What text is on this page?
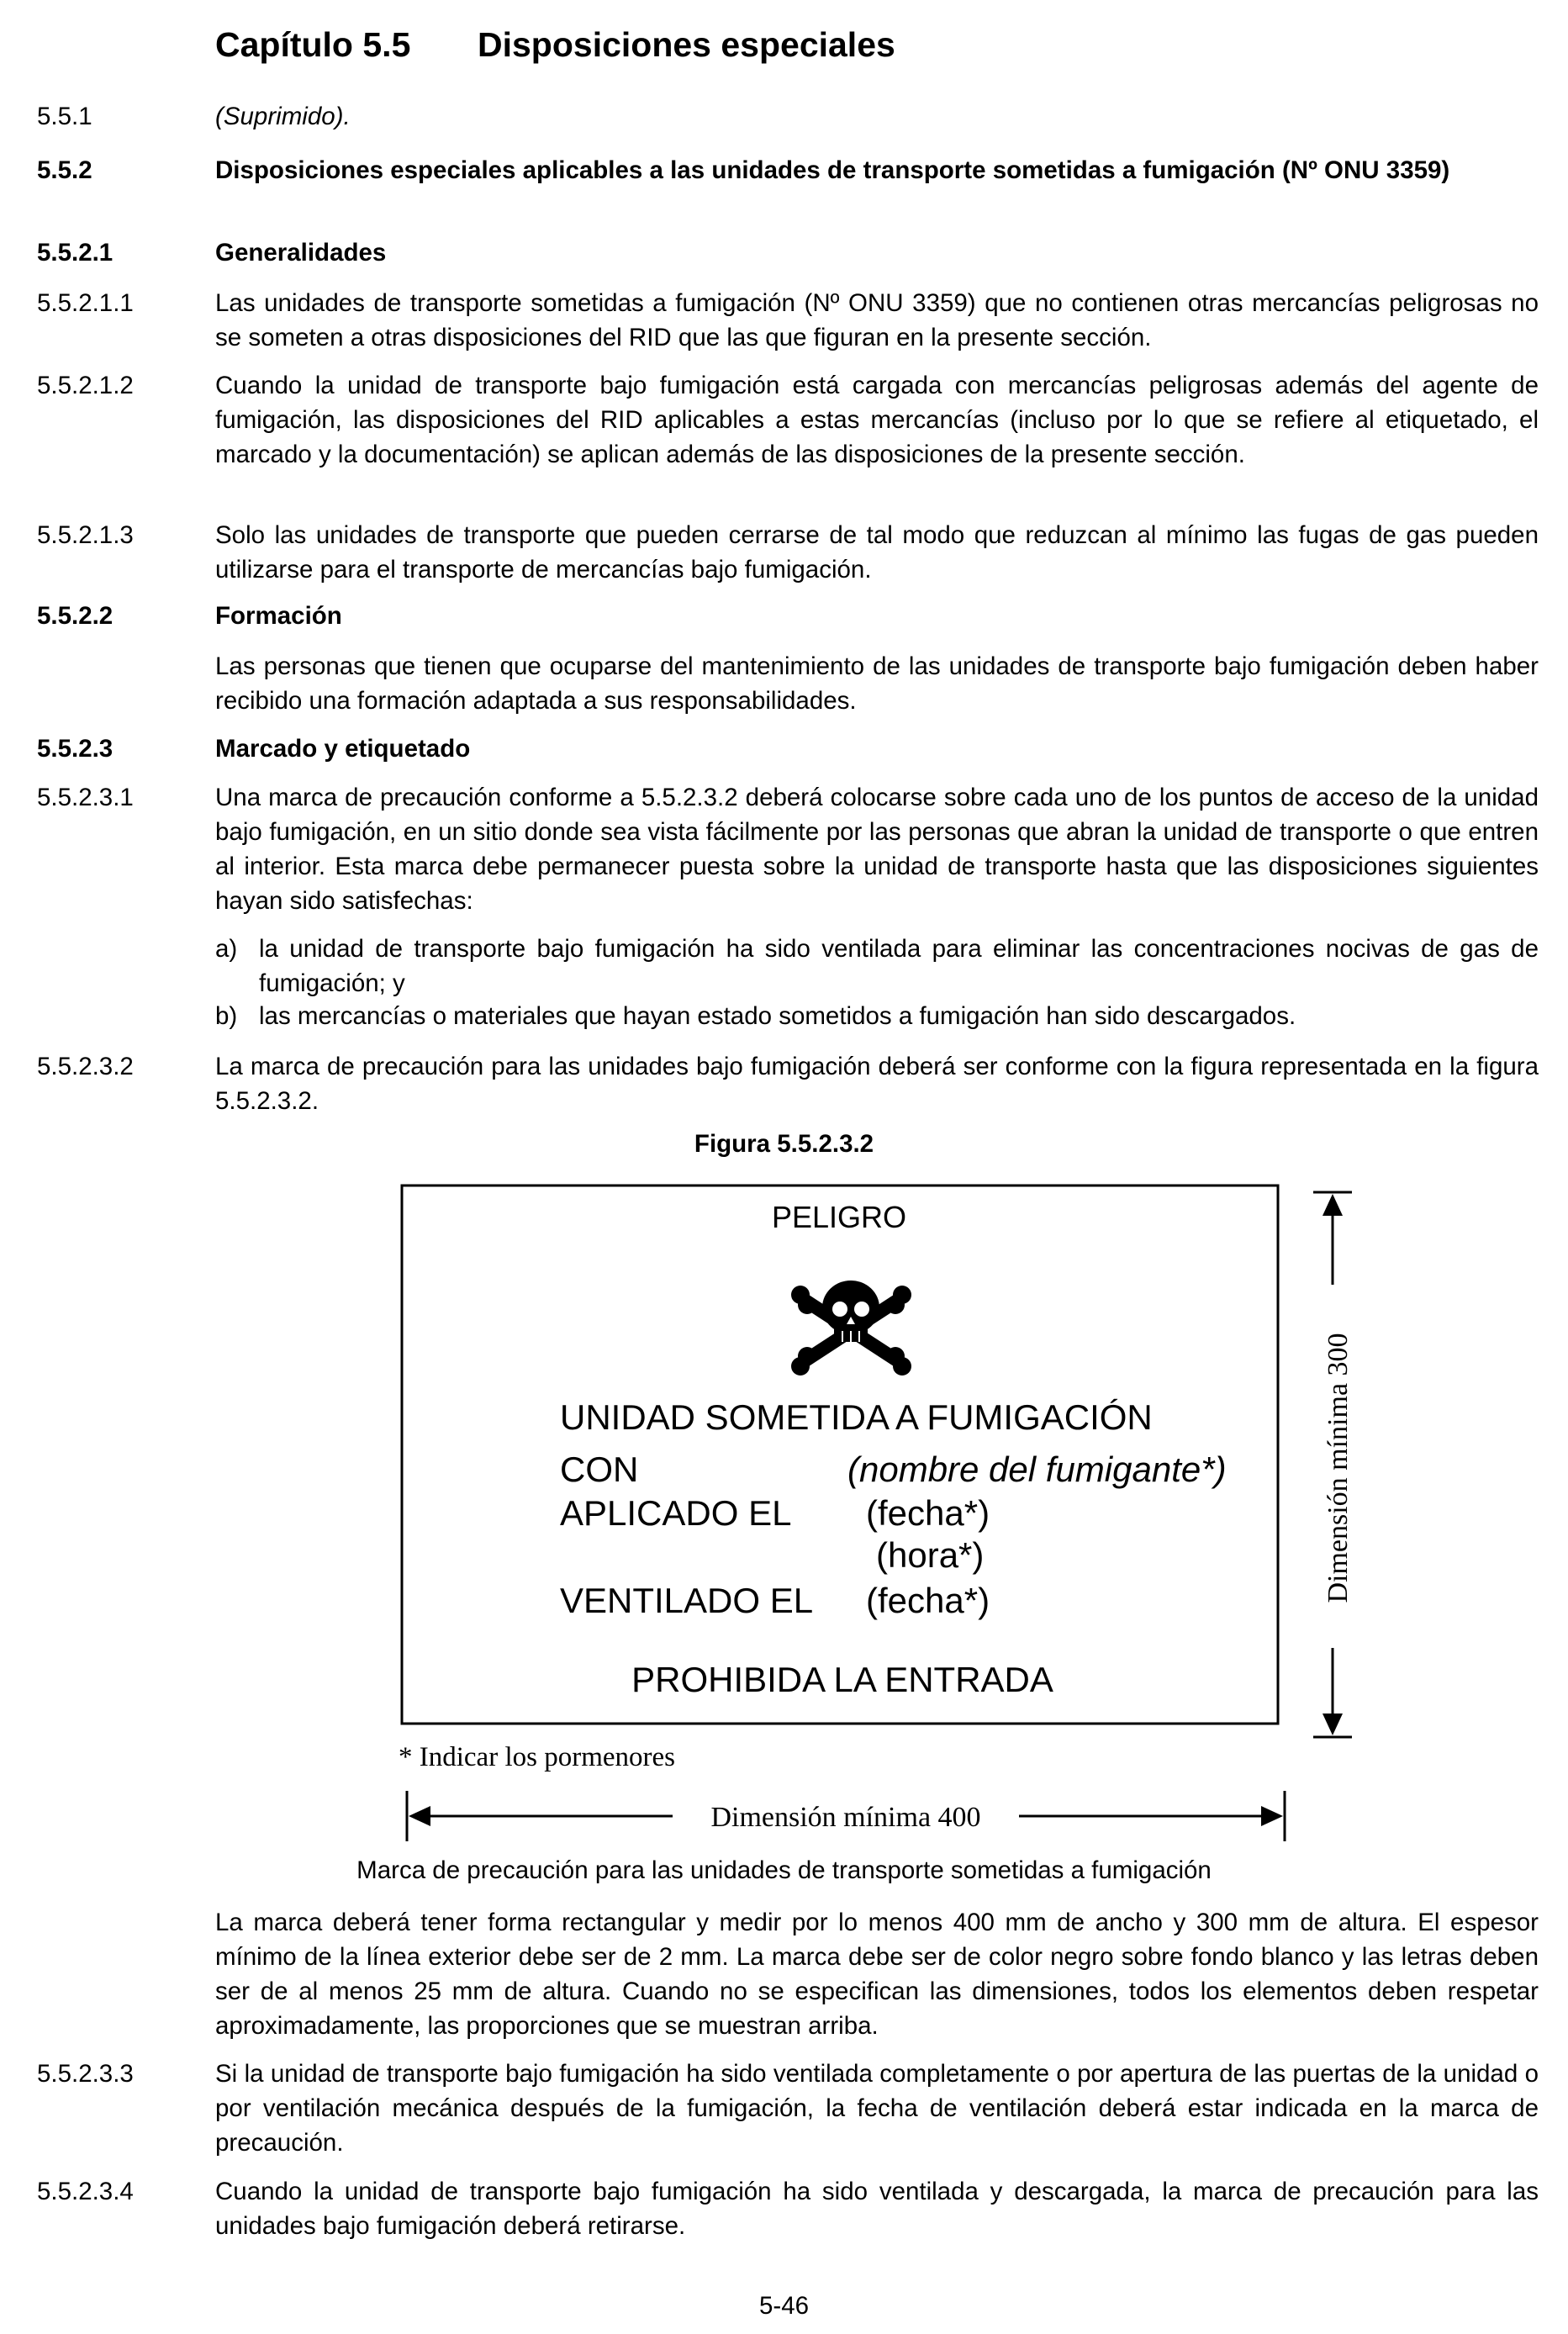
Capítulo 5.5 Disposiciones especiales
5.5.1	(Suprimido).
5.5.2	Disposiciones especiales aplicables a las unidades de transporte sometidas a fumigación (Nº ONU 3359)
5.5.2.1	Generalidades
5.5.2.1.1	Las unidades de transporte sometidas a fumigación (Nº ONU 3359) que no contienen otras mercancías peligrosas no se someten a otras disposiciones del RID que las que figuran en la presente sección.
5.5.2.1.2	Cuando la unidad de transporte bajo fumigación está cargada con mercancías peligrosas además del agente de fumigación, las disposiciones del RID aplicables a estas mercancías (incluso por lo que se refiere al etiquetado, el marcado y la documentación) se aplican además de las disposiciones de la presente sección.
5.5.2.1.3	Solo las unidades de transporte que pueden cerrarse de tal modo que reduzcan al mínimo las fugas de gas pueden utilizarse para el transporte de mercancías bajo fumigación.
5.5.2.2	Formación
Las personas que tienen que ocuparse del mantenimiento de las unidades de transporte bajo fumigación deben haber recibido una formación adaptada a sus responsabilidades.
5.5.2.3	Marcado y etiquetado
5.5.2.3.1	Una marca de precaución conforme a 5.5.2.3.2 deberá colocarse sobre cada uno de los puntos de acceso de la unidad bajo fumigación, en un sitio donde sea vista fácilmente por las personas que abran la unidad de transporte o que entren al interior. Esta marca debe permanecer puesta sobre la unidad de transporte hasta que las disposiciones siguientes hayan sido satisfechas:
a) la unidad de transporte bajo fumigación ha sido ventilada para eliminar las concentraciones nocivas de gas de fumigación; y
b) las mercancías o materiales que hayan estado sometidos a fumigación han sido descargados.
5.5.2.3.2	La marca de precaución para las unidades bajo fumigación deberá ser conforme con la figura representada en la figura 5.5.2.3.2.
Figura 5.5.2.3.2
PELIGRO
UNIDAD SOMETIDA A FUMIGACIÓN
CON	(nombre del fumigante*)
APLICADO EL (fecha*)
(hora*)
VENTILADO EL (fecha*)
PROHIBIDA LA ENTRADA
* Indicar los pormenores
Dimensión mínima 300
Dimensión mínima 400
Marca de precaución para las unidades de transporte sometidas a fumigación
La marca deberá tener forma rectangular y medir por lo menos 400 mm de ancho y 300 mm de altura. El espesor mínimo de la línea exterior debe ser de 2 mm. La marca debe ser de color negro sobre fondo blanco y las letras deben ser de al menos 25 mm de altura. Cuando no se especifican las dimensiones, todos los elementos deben respetar aproximadamente, las proporciones que se muestran arriba.
5.5.2.3.3	Si la unidad de transporte bajo fumigación ha sido ventilada completamente o por apertura de las puertas de la unidad o por ventilación mecánica después de la fumigación, la fecha de ventilación deberá estar indicada en la marca de precaución.
5.5.2.3.4	Cuando la unidad de transporte bajo fumigación ha sido ventilada y descargada, la marca de precaución para las unidades bajo fumigación deberá retirarse.
5-46
